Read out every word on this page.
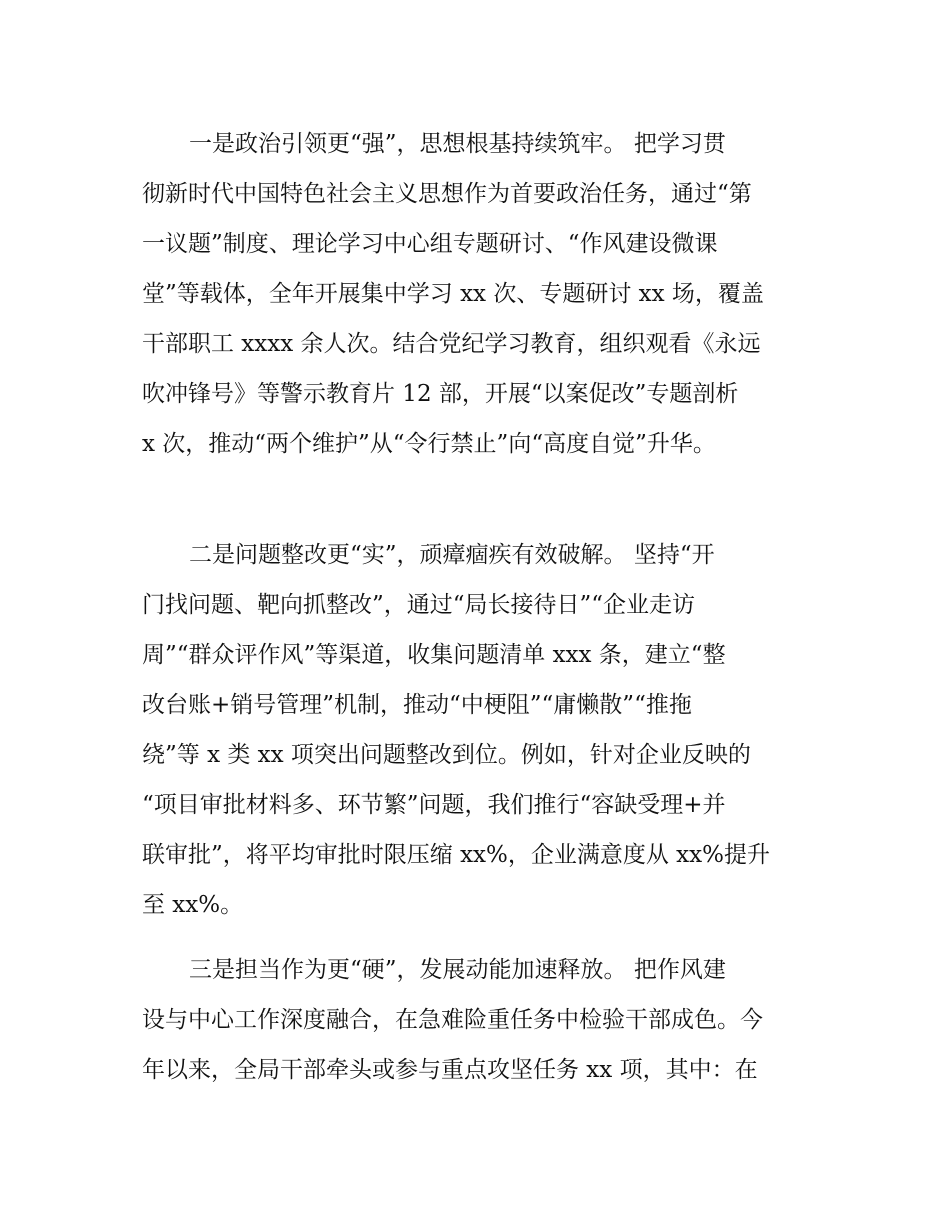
一是政治引领更“强”，思想根基持续筑牢。 把学习贯
彻新时代中国特色社会主义思想作为首要政治任务，通过“第
一议题”制度、理论学习中心组专题研讨、“作风建设微课
堂”等载体，全年开展集中学习 xx 次、专题研讨 xx 场，覆盖
干部职工 xxxx 余人次。结合党纪学习教育，组织观看《永远
吹冲锋号》等警示教育片 12 部，开展“以案促改”专题剖析
x 次，推动“两个维护”从“令行禁止”向“高度自觉”升华。
二是问题整改更“实”，顽瘴痼疾有效破解。 坚持“开
门找问题、靶向抓整改”，通过“局长接待日”“企业走访
周”“群众评作风”等渠道，收集问题清单 xxx 条，建立“整
改台账+销号管理”机制，推动“中梗阻”“庸懒散”“推拖
绕”等 x 类 xx 项突出问题整改到位。例如，针对企业反映的
“项目审批材料多、环节繁”问题，我们推行“容缺受理+并
联审批”，将平均审批时限压缩 xx%，企业满意度从 xx%提升
至 xx%。
三是担当作为更“硬”，发展动能加速释放。 把作风建
设与中心工作深度融合，在急难险重任务中检验干部成色。今
年以来，全局干部牵头或参与重点攻坚任务 xx 项，其中：在
